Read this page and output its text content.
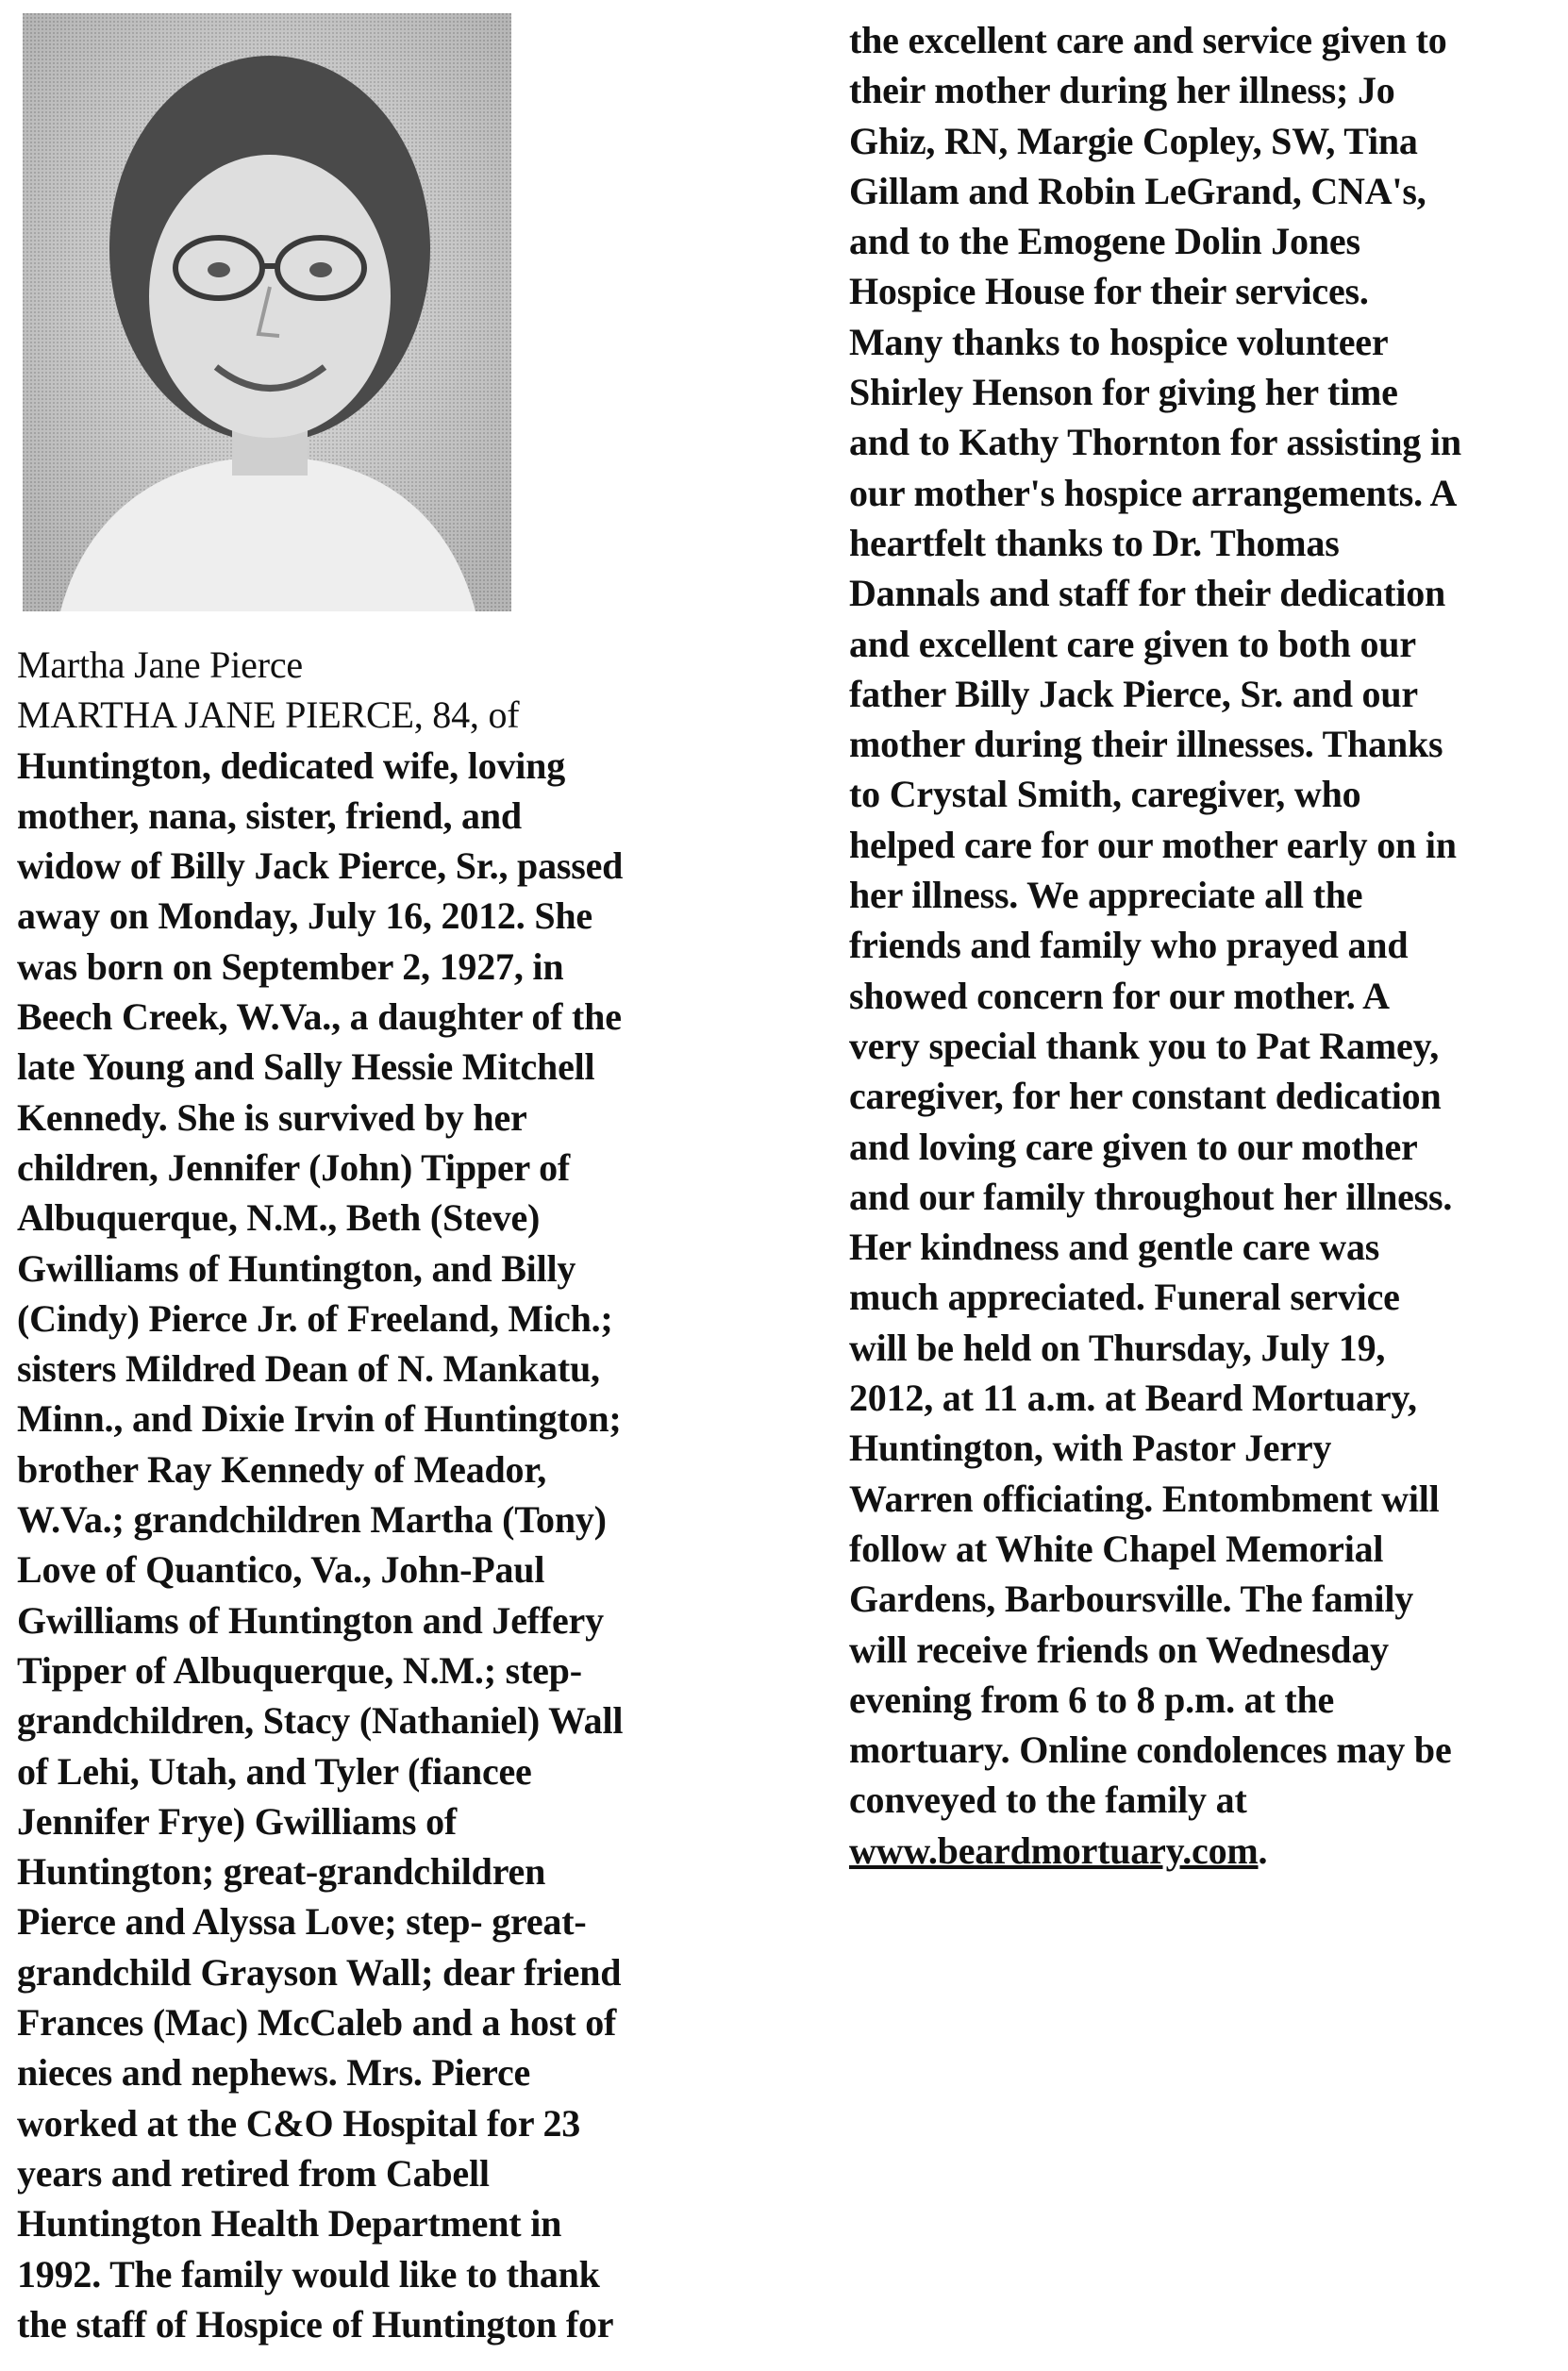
Martha Jane Pierce
MARTHA JANE PIERCE, 84, of
Huntington, dedicated wife, loving
mother, nana, sister, friend, and
widow of Billy Jack Pierce, Sr., passed
away on Monday, July 16, 2012. She
was born on September 2, 1927, in
Beech Creek, W.Va., a daughter of the
late Young and Sally Hessie Mitchell
Kennedy. She is survived by her
children, Jennifer (John) Tipper of
Albuquerque, N.M., Beth (Steve)
Gwilliams of Huntington, and Billy
(Cindy) Pierce Jr. of Freeland, Mich.;
sisters Mildred Dean of N. Mankatu,
Minn., and Dixie Irvin of Huntington;
brother Ray Kennedy of Meador,
W.Va.; grandchildren Martha (Tony)
Love of Quantico, Va., John-Paul
Gwilliams of Huntington and Jeffery
Tipper of Albuquerque, N.M.; step-
grandchildren, Stacy (Nathaniel) Wall
of Lehi, Utah, and Tyler (fiancee
Jennifer Frye) Gwilliams of
Huntington; great-grandchildren
Pierce and Alyssa Love; step- great-
grandchild Grayson Wall; dear friend
Frances (Mac) McCaleb and a host of
nieces and nephews. Mrs. Pierce
worked at the C&O Hospital for 23
years and retired from Cabell
Huntington Health Department in
1992. The family would like to thank
the staff of Hospice of Huntington for
the excellent care and service given to
their mother during her illness; Jo
Ghiz, RN, Margie Copley, SW, Tina
Gillam and Robin LeGrand, CNA's,
and to the Emogene Dolin Jones
Hospice House for their services.
Many thanks to hospice volunteer
Shirley Henson for giving her time
and to Kathy Thornton for assisting in
our mother's hospice arrangements. A
heartfelt thanks to Dr. Thomas
Dannals and staff for their dedication
and excellent care given to both our
father Billy Jack Pierce, Sr. and our
mother during their illnesses. Thanks
to Crystal Smith, caregiver, who
helped care for our mother early on in
her illness. We appreciate all the
friends and family who prayed and
showed concern for our mother. A
very special thank you to Pat Ramey,
caregiver, for her constant dedication
and loving care given to our mother
and our family throughout her illness.
Her kindness and gentle care was
much appreciated. Funeral service
will be held on Thursday, July 19,
2012, at 11 a.m. at Beard Mortuary,
Huntington, with Pastor Jerry
Warren officiating. Entombment will
follow at White Chapel Memorial
Gardens, Barboursville. The family
will receive friends on Wednesday
evening from 6 to 8 p.m. at the
mortuary. Online condolences may be
conveyed to the family at
www.beardmortuary.com.
